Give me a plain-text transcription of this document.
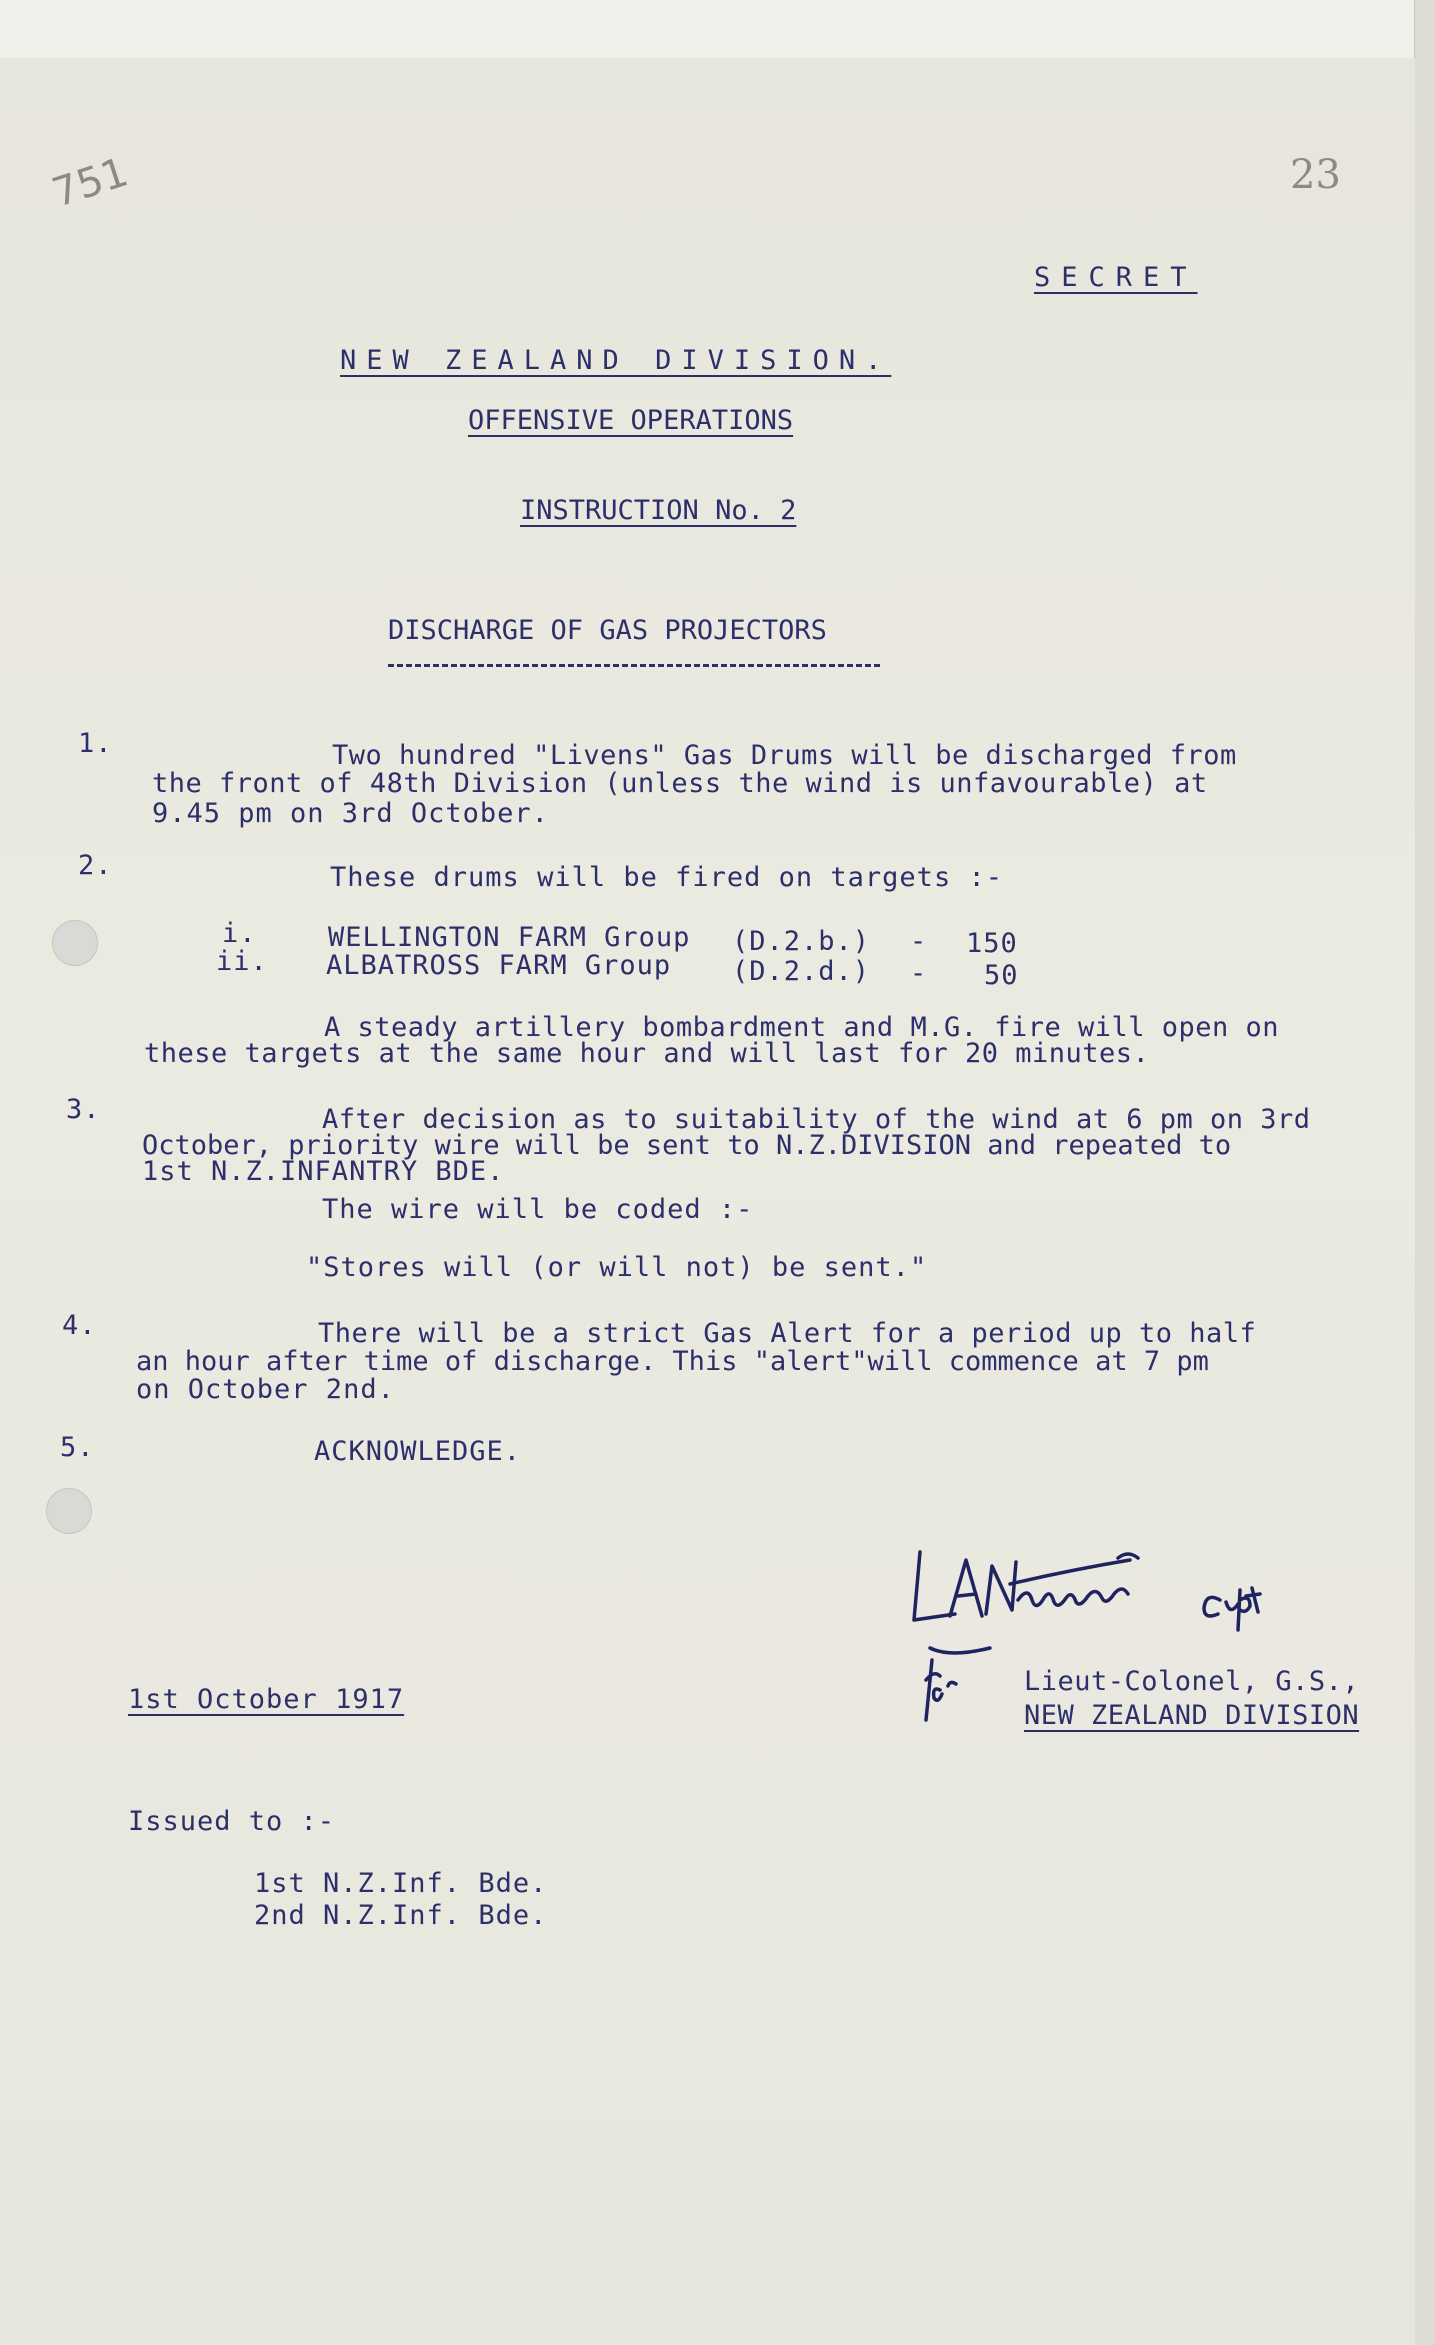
751	23
SECRET
NEW ZEALAND DIVISION.
OFFENSIVE OPERATIONS
INSTRUCTION No. 2
DISCHARGE OF GAS PROJECTORS
1.	Two hundred "Livens" Gas Drums will be discharged from
the front of 48th Division (unless the wind is unfavourable) at
9.45 pm on 3rd October.
2.	These drums will be fired on targets :-
i.	WELLINGTON FARM Group (D.2.b.) - 150
ii. ALBATROSS FARM Group (D.2.d.) - 50
A steady artillery bombardment and M.G. fire will open on
these targets at the same hour and will last for 20 minutes.
3.	After decision as to suitability of the wind at 6 pm on 3rd
October, priority wire will be sent to N.Z.DIVISION and repeated to
1st N.Z.INFANTRY BDE.
The wire will be coded :-
"Stores will (or will not) be sent."
4.	There will be a strict Gas Alert for a period up to half
an hour after time of discharge. This "alert"will commence at 7 pm
on October 2nd.
5.	ACKNOWLEDGE.
Lieut-Colonel, G.S.,
NEW ZEALAND DIVISION
1st October 1917
Issued to :-
1st N.Z.Inf. Bde.
2nd N.Z.Inf. Bde.
